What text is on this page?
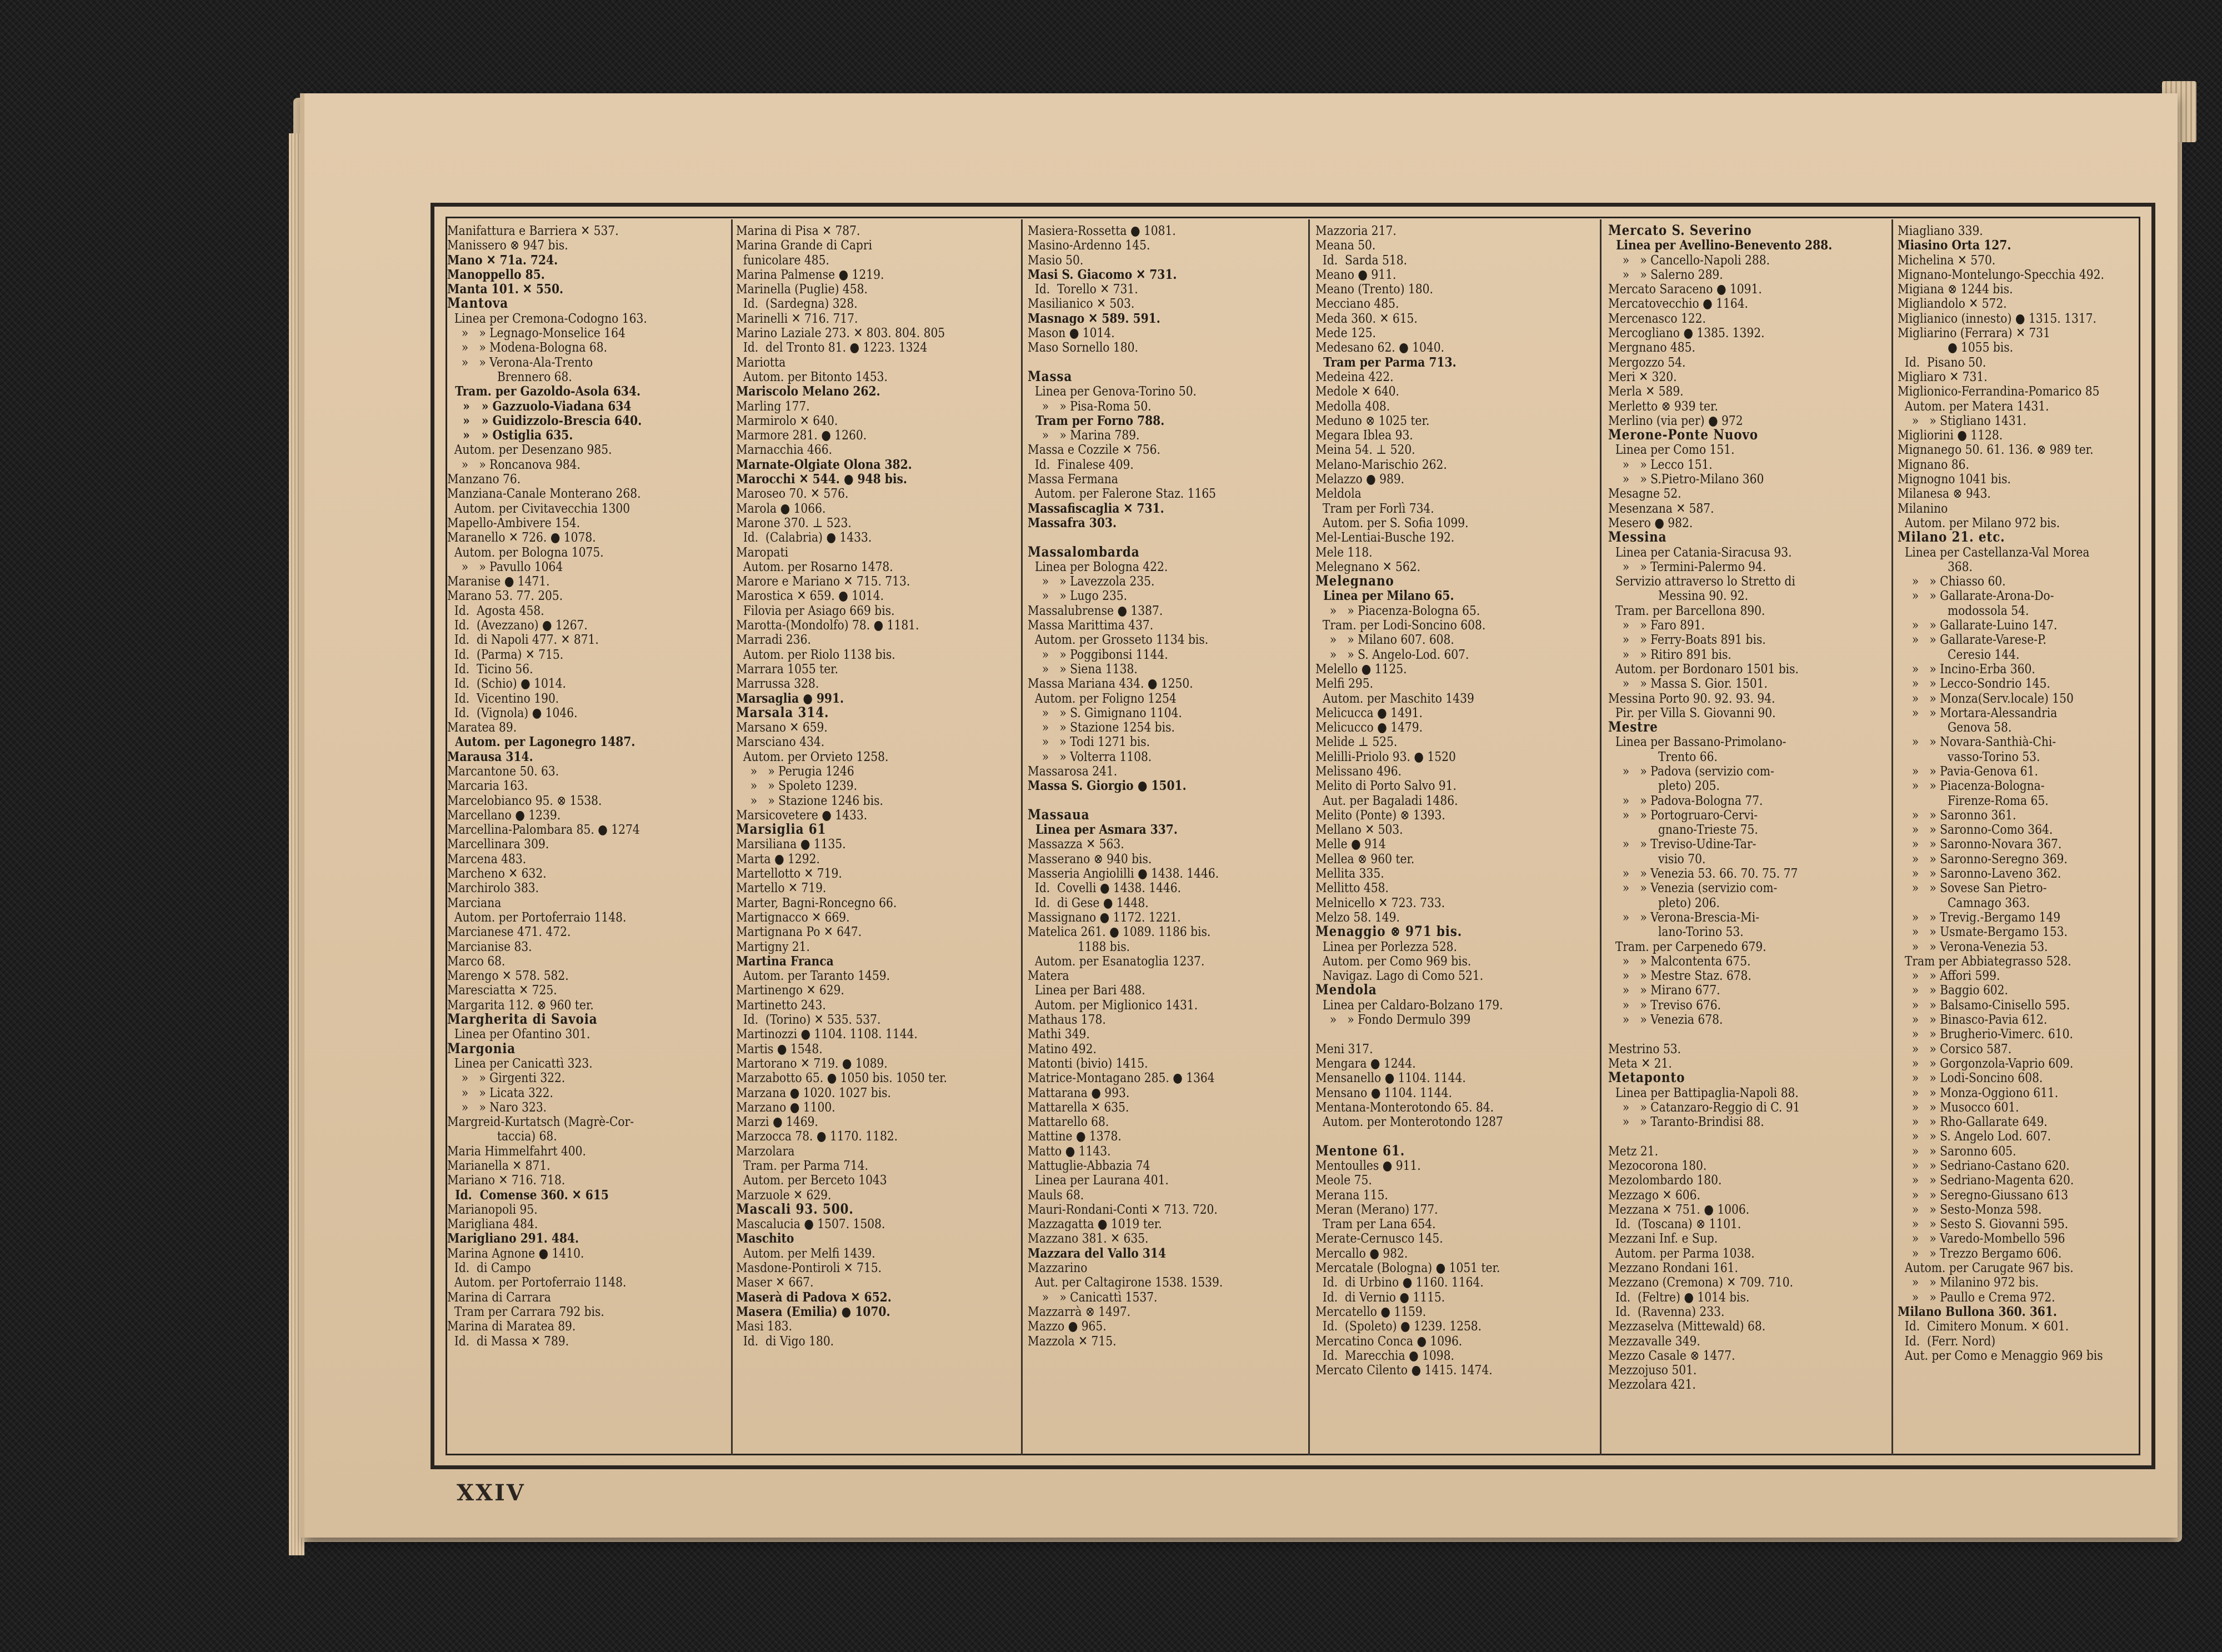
Manifattura e Barriera ✕ 537.
Manissero ⊗ 947 bis.
Mano ✕ 71a. 724.
Manoppello 85.
Manta 101. ✕ 550.
Mantova
Linea per Cremona-Codogno 163.
»   » Legnago-Monselice 164
»   » Modena-Bologna 68.
»   » Verona-Ala-Trento
Brennero 68.
Tram. per Gazoldo-Asola 634.
»   » Gazzuolo-Viadana 634
»   » Guidizzolo-Brescia 640.
»   » Ostiglia 635.
Autom. per Desenzano 985.
»   » Roncanova 984.
Manzano 76.
Manziana-Canale Monterano 268.
Autom. per Civitavecchia 1300
Mapello-Ambivere 154.
Maranello ✕ 726. ● 1078.
Autom. per Bologna 1075.
»   » Pavullo 1064
Maranise ● 1471.
Marano 53. 77. 205.
Id.  Agosta 458.
Id.  (Avezzano) ● 1267.
Id.  di Napoli 477. ✕ 871.
Id.  (Parma) ✕ 715.
Id.  Ticino 56.
Id.  (Schio) ● 1014.
Id.  Vicentino 190.
Id.  (Vignola) ● 1046.
Maratea 89.
Autom. per Lagonegro 1487.
Marausa 314.
Marcantone 50. 63.
Marcaria 163.
Marcelobianco 95. ⊗ 1538.
Marcellano ● 1239.
Marcellina-Palombara 85. ● 1274
Marcellinara 309.
Marcena 483.
Marcheno ✕ 632.
Marchirolo 383.
Marciana
Autom. per Portoferraio 1148.
Marcianese 471. 472.
Marcianise 83.
Marco 68.
Marengo ✕ 578. 582.
Maresciatta ✕ 725.
Margarita 112. ⊗ 960 ter.
Margherita di Savoia
Linea per Ofantino 301.
Margonia
Linea per Canicattì 323.
»   » Girgenti 322.
»   » Licata 322.
»   » Naro 323.
Margreid-Kurtatsch (Magrè-Cor-
taccia) 68.
Maria Himmelfahrt 400.
Marianella ✕ 871.
Mariano ✕ 716. 718.
Id.  Comense 360. ✕ 615
Marianopoli 95.
Marigliana 484.
Marigliano 291. 484.
Marina Agnone ● 1410.
Id.  di Campo
Autom. per Portoferraio 1148.
Marina di Carrara
Tram per Carrara 792 bis.
Marina di Maratea 89.
Id.  di Massa ✕ 789.
Marina di Pisa ✕ 787.
Marina Grande di Capri
funicolare 485.
Marina Palmense ● 1219.
Marinella (Puglie) 458.
Id.  (Sardegna) 328.
Marinelli ✕ 716. 717.
Marino Laziale 273. ✕ 803. 804. 805
Id.  del Tronto 81. ● 1223. 1324
Mariotta
Autom. per Bitonto 1453.
Mariscolo Melano 262.
Marling 177.
Marmirolo ✕ 640.
Marmore 281. ● 1260.
Marnacchia 466.
Marnate-Olgiate Olona 382.
Marocchi ✕ 544. ● 948 bis.
Maroseo 70. ✕ 576.
Marola ● 1066.
Marone 370. ⊥ 523.
Id.  (Calabria) ● 1433.
Maropati
Autom. per Rosarno 1478.
Marore e Mariano ✕ 715. 713.
Marostica ✕ 659. ● 1014.
Filovia per Asiago 669 bis.
Marotta-(Mondolfo) 78. ● 1181.
Marradi 236.
Autom. per Riolo 1138 bis.
Marrara 1055 ter.
Marrussa 328.
Marsaglia ● 991.
Marsala 314.
Marsano ✕ 659.
Marsciano 434.
Autom. per Orvieto 1258.
»   » Perugia 1246
»   » Spoleto 1239.
»   » Stazione 1246 bis.
Marsicovetere ● 1433.
Marsiglia 61
Marsiliana ● 1135.
Marta ● 1292.
Martellotto ✕ 719.
Martello ✕ 719.
Marter, Bagni-Roncegno 66.
Martignacco ✕ 669.
Martignana Po ✕ 647.
Martigny 21.
Martina Franca
Autom. per Taranto 1459.
Martinengo ✕ 629.
Martinetto 243.
Id.  (Torino) ✕ 535. 537.
Martinozzi ● 1104. 1108. 1144.
Martis ● 1548.
Martorano ✕ 719. ● 1089.
Marzabotto 65. ● 1050 bis. 1050 ter.
Marzana ● 1020. 1027 bis.
Marzano ● 1100.
Marzi ● 1469.
Marzocca 78. ● 1170. 1182.
Marzolara
Tram. per Parma 714.
Autom. per Berceto 1043
Marzuole ✕ 629.
Mascali 93. 500.
Mascalucia ● 1507. 1508.
Maschito
Autom. per Melfi 1439.
Masdone-Pontiroli ✕ 715.
Maser ✕ 667.
Maserà di Padova ✕ 652.
Masera (Emilia) ● 1070.
Masi 183.
Id.  di Vigo 180.
Masiera-Rossetta ● 1081.
Masino-Ardenno 145.
Masio 50.
Masi S. Giacomo ✕ 731.
Id.  Torello ✕ 731.
Masilianico ✕ 503.
Masnago ✕ 589. 591.
Mason ● 1014.
Maso Sornello 180.

Massa
Linea per Genova-Torino 50.
»   » Pisa-Roma 50.
Tram per Forno 788.
»   » Marina 789.
Massa e Cozzile ✕ 756.
Id.  Finalese 409.
Massa Fermana
Autom. per Falerone Staz. 1165
Massafiscaglia ✕ 731.
Massafra 303.

Massalombarda
Linea per Bologna 422.
»   » Lavezzola 235.
»   » Lugo 235.
Massalubrense ● 1387.
Massa Marittima 437.
Autom. per Grosseto 1134 bis.
»   » Poggibonsi 1144.
»   » Siena 1138.
Massa Mariana 434. ● 1250.
Autom. per Foligno 1254
»   » S. Gimignano 1104.
»   » Stazione 1254 bis.
»   » Todi 1271 bis.
»   » Volterra 1108.
Massarosa 241.
Massa S. Giorgio ● 1501.

Massaua
Linea per Asmara 337.
Massazza ✕ 563.
Masserano ⊗ 940 bis.
Masseria Angiolilli ● 1438. 1446.
Id.  Covelli ● 1438. 1446.
Id.  di Gese ● 1448.
Massignano ● 1172. 1221.
Matelica 261. ● 1089. 1186 bis.
1188 bis.
Autom. per Esanatoglia 1237.
Matera
Linea per Bari 488.
Autom. per Miglionico 1431.
Mathaus 178.
Mathi 349.
Matino 492.
Matonti (bivio) 1415.
Matrice-Montagano 285. ● 1364
Mattarana ● 993.
Mattarella ✕ 635.
Mattarello 68.
Mattine ● 1378.
Matto ● 1143.
Mattuglie-Abbazia 74
Linea per Laurana 401.
Mauls 68.
Mauri-Rondani-Conti ✕ 713. 720.
Mazzagatta ● 1019 ter.
Mazzano 381. ✕ 635.
Mazzara del Vallo 314
Mazzarino
Aut. per Caltagirone 1538. 1539.
»   » Canicattì 1537.
Mazzarrà ⊗ 1497.
Mazzo ● 965.
Mazzola ✕ 715.
Mazzoria 217.
Meana 50.
Id.  Sarda 518.
Meano ● 911.
Meano (Trento) 180.
Mecciano 485.
Meda 360. ✕ 615.
Mede 125.
Medesano 62. ● 1040.
Tram per Parma 713.
Medeina 422.
Medole ✕ 640.
Medolla 408.
Meduno ⊗ 1025 ter.
Megara Iblea 93.
Meina 54. ⊥ 520.
Melano-Marischio 262.
Melazzo ● 989.
Meldola
Tram per Forlì 734.
Autom. per S. Sofia 1099.
Mel-Lentiai-Busche 192.
Mele 118.
Melegnano ✕ 562.
Melegnano
Linea per Milano 65.
»   » Piacenza-Bologna 65.
Tram. per Lodi-Soncino 608.
»   » Milano 607. 608.
»   » S. Angelo-Lod. 607.
Melello ● 1125.
Melfi 295.
Autom. per Maschito 1439
Melicucca ● 1491.
Melicucco ● 1479.
Melide ⊥ 525.
Melilli-Priolo 93. ● 1520
Melissano 496.
Melito di Porto Salvo 91.
Aut. per Bagaladi 1486.
Melito (Ponte) ⊗ 1393.
Mellano ✕ 503.
Melle ● 914
Mellea ⊗ 960 ter.
Mellita 335.
Mellitto 458.
Melnicello ✕ 723. 733.
Melzo 58. 149.
Menaggio ⊗ 971 bis.
Linea per Porlezza 528.
Autom. per Como 969 bis.
Navigaz. Lago di Como 521.
Mendola
Linea per Caldaro-Bolzano 179.
»   » Fondo Dermulo 399

Meni 317.
Mengara ● 1244.
Mensanello ● 1104. 1144.
Mensano ● 1104. 1144.
Mentana-Monterotondo 65. 84.
Autom. per Monterotondo 1287

Mentone 61.
Mentoulles ● 911.
Meole 75.
Merana 115.
Meran (Merano) 177.
Tram per Lana 654.
Merate-Cernusco 145.
Mercallo ● 982.
Mercatale (Bologna) ● 1051 ter.
Id.  di Urbino ● 1160. 1164.
Id.  di Vernio ● 1115.
Mercatello ● 1159.
Id.  (Spoleto) ● 1239. 1258.
Mercatino Conca ● 1096.
Id.  Marecchia ● 1098.
Mercato Cilento ● 1415. 1474.
Mercato S. Severino
Linea per Avellino-Benevento 288.
»   » Cancello-Napoli 288.
»   » Salerno 289.
Mercato Saraceno ● 1091.
Mercatovecchio ● 1164.
Mercenasco 122.
Mercogliano ● 1385. 1392.
Mergnano 485.
Mergozzo 54.
Meri ✕ 320.
Merla ✕ 589.
Merletto ⊗ 939 ter.
Merlino (via per) ● 972
Merone-Ponte Nuovo
Linea per Como 151.
»   » Lecco 151.
»   » S.Pietro-Milano 360
Mesagne 52.
Mesenzana ✕ 587.
Mesero ● 982.
Messina
Linea per Catania-Siracusa 93.
»   » Termini-Palermo 94.
Servizio attraverso lo Stretto di
Messina 90. 92.
Tram. per Barcellona 890.
»   » Faro 891.
»   » Ferry-Boats 891 bis.
»   » Ritiro 891 bis.
Autom. per Bordonaro 1501 bis.
»   » Massa S. Gior. 1501.
Messina Porto 90. 92. 93. 94.
Pir. per Villa S. Giovanni 90.
Mestre
Linea per Bassano-Primolano-
Trento 66.
»   » Padova (servizio com-
pleto) 205.
»   » Padova-Bologna 77.
»   » Portogruaro-Cervi-
gnano-Trieste 75.
»   » Treviso-Udine-Tar-
visio 70.
»   » Venezia 53. 66. 70. 75. 77
»   » Venezia (servizio com-
pleto) 206.
»   » Verona-Brescia-Mi-
lano-Torino 53.
Tram. per Carpenedo 679.
»   » Malcontenta 675.
»   » Mestre Staz. 678.
»   » Mirano 677.
»   » Treviso 676.
»   » Venezia 678.

Mestrino 53.
Meta ✕ 21.
Metaponto
Linea per Battipaglia-Napoli 88.
»   » Catanzaro-Reggio di C. 91
»   » Taranto-Brindisi 88.

Metz 21.
Mezocorona 180.
Mezolombardo 180.
Mezzago ✕ 606.
Mezzana ✕ 751. ● 1006.
Id.  (Toscana) ⊗ 1101.
Mezzani Inf. e Sup.
Autom. per Parma 1038.
Mezzano Rondani 161.
Mezzano (Cremona) ✕ 709. 710.
Id.  (Feltre) ● 1014 bis.
Id.  (Ravenna) 233.
Mezzaselva (Mittewald) 68.
Mezzavalle 349.
Mezzo Casale ⊗ 1477.
Mezzojuso 501.
Mezzolara 421.
Miagliano 339.
Miasino Orta 127.
Michelina ✕ 570.
Mignano-Montelungo-Specchia 492.
Migiana ⊗ 1244 bis.
Migliandolo ✕ 572.
Miglianico (innesto) ● 1315. 1317.
Migliarino (Ferrara) ✕ 731
● 1055 bis.
Id.  Pisano 50.
Migliaro ✕ 731.
Miglionico-Ferrandina-Pomarico 85
Autom. per Matera 1431.
»   » Stigliano 1431.
Migliorini ● 1128.
Mignanego 50. 61. 136. ⊗ 989 ter.
Mignano 86.
Mignogno 1041 bis.
Milanesa ⊗ 943.
Milanino
Autom. per Milano 972 bis.
Milano 21. etc.
Linea per Castellanza-Val Morea
368.
»   » Chiasso 60.
»   » Gallarate-Arona-Do-
modossola 54.
»   » Gallarate-Luino 147.
»   » Gallarate-Varese-P.
Ceresio 144.
»   » Incino-Erba 360.
»   » Lecco-Sondrio 145.
»   » Monza(Serv.locale) 150
»   » Mortara-Alessandria
Genova 58.
»   » Novara-Santhià-Chi-
vasso-Torino 53.
»   » Pavia-Genova 61.
»   » Piacenza-Bologna-
Firenze-Roma 65.
»   » Saronno 361.
»   » Saronno-Como 364.
»   » Saronno-Novara 367.
»   » Saronno-Seregno 369.
»   » Saronno-Laveno 362.
»   » Sovese San Pietro-
Camnago 363.
»   » Trevig.-Bergamo 149
»   » Usmate-Bergamo 153.
»   » Verona-Venezia 53.
Tram per Abbiategrasso 528.
»   » Affori 599.
»   » Baggio 602.
»   » Balsamo-Cinisello 595.
»   » Binasco-Pavia 612.
»   » Brugherio-Vimerc. 610.
»   » Corsico 587.
»   » Gorgonzola-Vaprio 609.
»   » Lodi-Soncino 608.
»   » Monza-Oggiono 611.
»   » Musocco 601.
»   » Rho-Gallarate 649.
»   » S. Angelo Lod. 607.
»   » Saronno 605.
»   » Sedriano-Castano 620.
»   » Sedriano-Magenta 620.
»   » Seregno-Giussano 613
»   » Sesto-Monza 598.
»   » Sesto S. Giovanni 595.
»   » Varedo-Mombello 596
»   » Trezzo Bergamo 606.
Autom. per Carugate 967 bis.
»   » Milanino 972 bis.
»   » Paullo e Crema 972.
Milano Bullona 360. 361.
Id.  Cimitero Monum. ✕ 601.
Id.  (Ferr. Nord)
Aut. per Como e Menaggio 969 bis
XXIV
